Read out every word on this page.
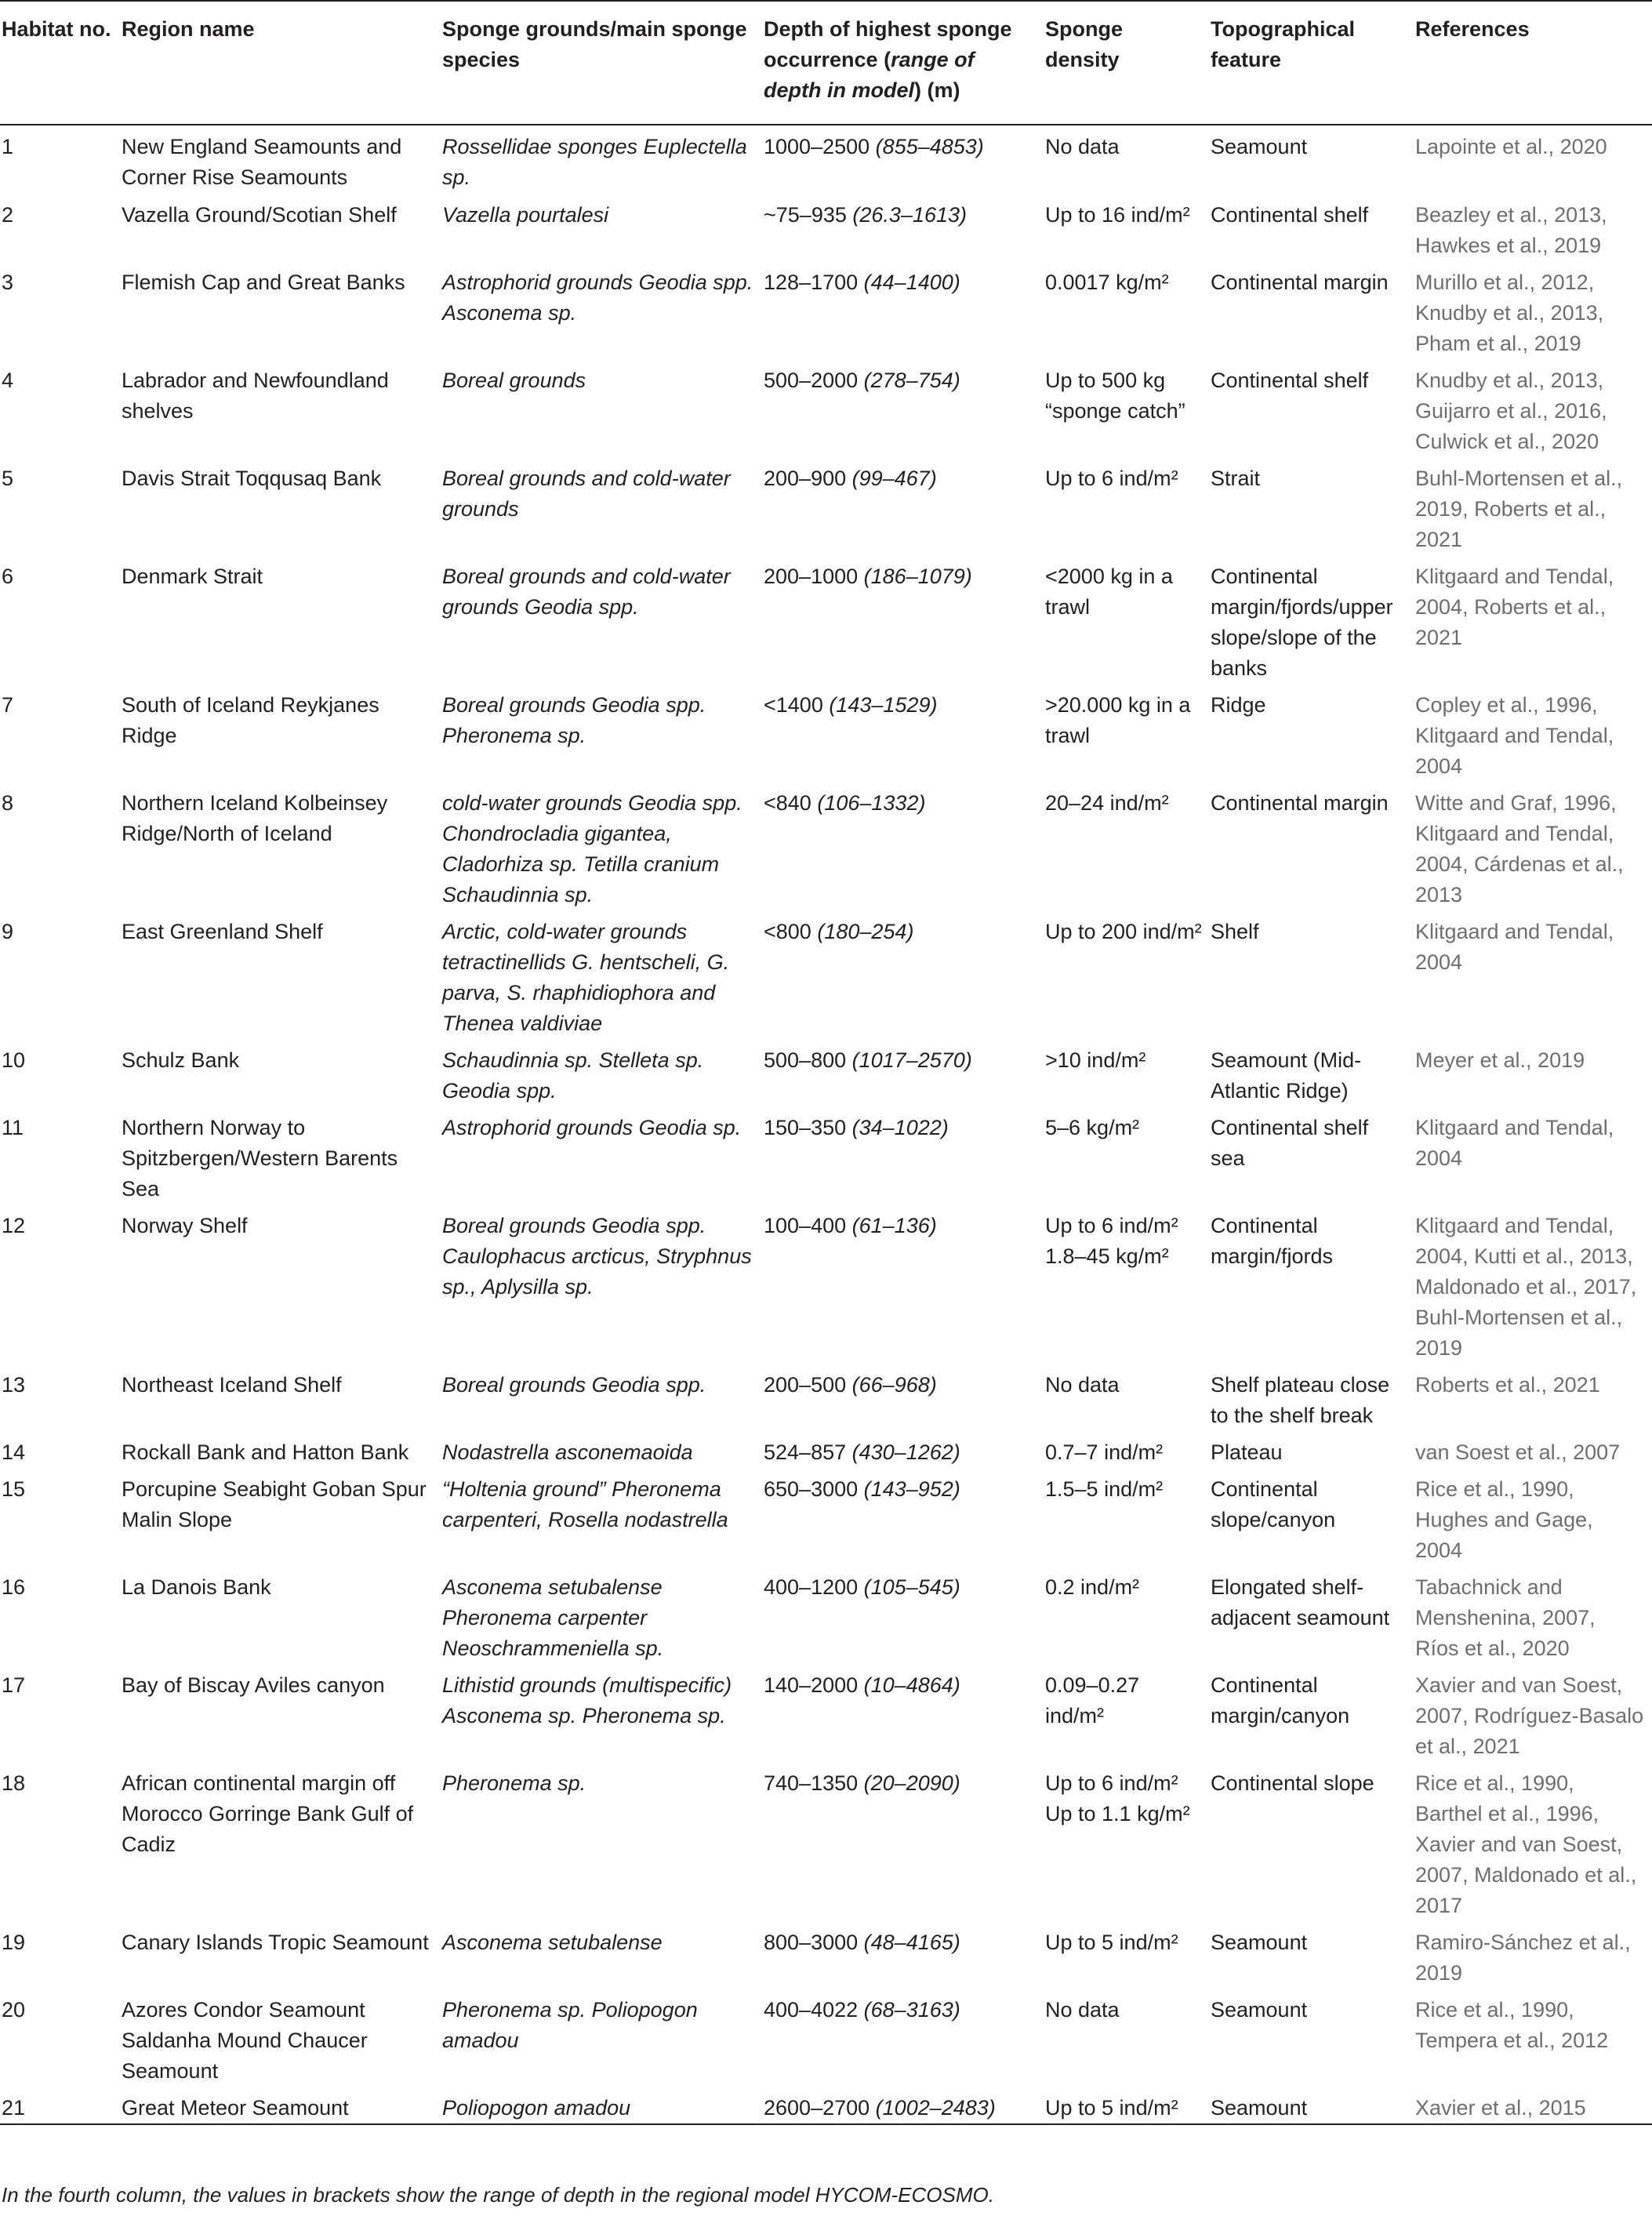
Habitat no.	Region name	Sponge grounds/main sponge species	Depth of highest sponge occurrence (range of depth in model) (m)	Sponge density	Topographical feature	References
1	New England Seamounts and Corner Rise Seamounts	Rossellidae sponges Euplectella sp.	1000–2500 (855–4853)	No data	Seamount	Lapointe et al., 2020
2	Vazella Ground/Scotian Shelf	Vazella pourtalesi	~75–935 (26.3–1613)	Up to 16 ind/m²	Continental shelf	Beazley et al., 2013, Hawkes et al., 2019
3	Flemish Cap and Great Banks	Astrophorid grounds Geodia spp. Asconema sp.	128–1700 (44–1400)	0.0017 kg/m²	Continental margin	Murillo et al., 2012, Knudby et al., 2013, Pham et al., 2019
4	Labrador and Newfoundland shelves	Boreal grounds	500–2000 (278–754)	Up to 500 kg “sponge catch”	Continental shelf	Knudby et al., 2013, Guijarro et al., 2016, Culwick et al., 2020
5	Davis Strait Toqqusaq Bank	Boreal grounds and cold-water grounds	200–900 (99–467)	Up to 6 ind/m²	Strait	Buhl-Mortensen et al., 2019, Roberts et al., 2021
6	Denmark Strait	Boreal grounds and cold-water grounds Geodia spp.	200–1000 (186–1079)	<2000 kg in a trawl	Continental margin/fjords/upper slope/slope of the banks	Klitgaard and Tendal, 2004, Roberts et al., 2021
7	South of Iceland Reykjanes Ridge	Boreal grounds Geodia spp. Pheronema sp.	<1400 (143–1529)	>20.000 kg in a trawl	Ridge	Copley et al., 1996, Klitgaard and Tendal, 2004
8	Northern Iceland Kolbeinsey Ridge/North of Iceland	cold-water grounds Geodia spp. Chondrocladia gigantea, Cladorhiza sp. Tetilla cranium Schaudinnia sp.	<840 (106–1332)	20–24 ind/m²	Continental margin	Witte and Graf, 1996, Klitgaard and Tendal, 2004, Cárdenas et al., 2013
9	East Greenland Shelf	Arctic, cold-water grounds tetractinellids G. hentscheli, G. parva, S. rhaphidiophora and Thenea valdiviae	<800 (180–254)	Up to 200 ind/m²	Shelf	Klitgaard and Tendal, 2004
10	Schulz Bank	Schaudinnia sp. Stelleta sp. Geodia spp.	500–800 (1017–2570)	>10 ind/m²	Seamount (Mid-Atlantic Ridge)	Meyer et al., 2019
11	Northern Norway to Spitzbergen/Western Barents Sea	Astrophorid grounds Geodia sp.	150–350 (34–1022)	5–6 kg/m²	Continental shelf sea	Klitgaard and Tendal, 2004
12	Norway Shelf	Boreal grounds Geodia spp. Caulophacus arcticus, Stryphnus sp., Aplysilla sp.	100–400 (61–136)	Up to 6 ind/m² 1.8–45 kg/m²	Continental margin/fjords	Klitgaard and Tendal, 2004, Kutti et al., 2013, Maldonado et al., 2017, Buhl-Mortensen et al., 2019
13	Northeast Iceland Shelf	Boreal grounds Geodia spp.	200–500 (66–968)	No data	Shelf plateau close to the shelf break	Roberts et al., 2021
14	Rockall Bank and Hatton Bank	Nodastrella asconemaoida	524–857 (430–1262)	0.7–7 ind/m²	Plateau	van Soest et al., 2007
15	Porcupine Seabight Goban Spur Malin Slope	“Holtenia ground” Pheronema carpenteri, Rosella nodastrella	650–3000 (143–952)	1.5–5 ind/m²	Continental slope/canyon	Rice et al., 1990, Hughes and Gage, 2004
16	La Danois Bank	Asconema setubalense Pheronema carpenter Neoschrammeniella sp.	400–1200 (105–545)	0.2 ind/m²	Elongated shelf-adjacent seamount	Tabachnick and Menshenina, 2007, Ríos et al., 2020
17	Bay of Biscay Aviles canyon	Lithistid grounds (multispecific) Asconema sp. Pheronema sp.	140–2000 (10–4864)	0.09–0.27 ind/m²	Continental margin/canyon	Xavier and van Soest, 2007, Rodríguez-Basalo et al., 2021
18	African continental margin off Morocco Gorringe Bank Gulf of Cadiz	Pheronema sp.	740–1350 (20–2090)	Up to 6 ind/m² Up to 1.1 kg/m²	Continental slope	Rice et al., 1990, Barthel et al., 1996, Xavier and van Soest, 2007, Maldonado et al., 2017
19	Canary Islands Tropic Seamount	Asconema setubalense	800–3000 (48–4165)	Up to 5 ind/m²	Seamount	Ramiro-Sánchez et al., 2019
20	Azores Condor Seamount Saldanha Mound Chaucer Seamount	Pheronema sp. Poliopogon amadou	400–4022 (68–3163)	No data	Seamount	Rice et al., 1990, Tempera et al., 2012
21	Great Meteor Seamount	Poliopogon amadou	2600–2700 (1002–2483)	Up to 5 ind/m²	Seamount	Xavier et al., 2015
In the fourth column, the values in brackets show the range of depth in the regional model HYCOM-ECOSMO.
